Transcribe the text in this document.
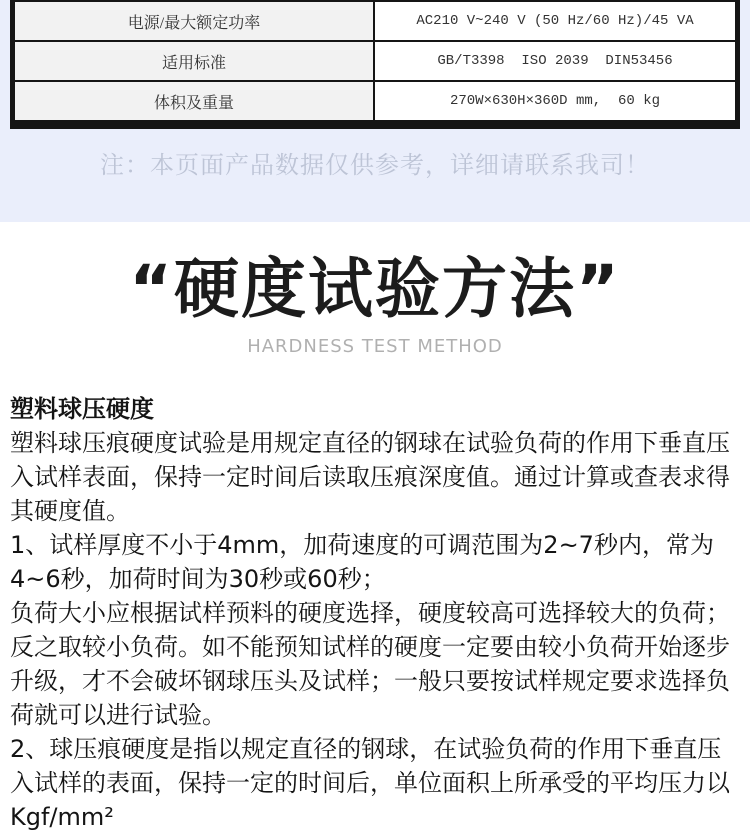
电源/最大额定功率	AC210 V~240 V (50 Hz/60 Hz)/45 VA
适用标准	GB/T3398  ISO 2039  DIN53456
体积及重量	270W×630H×360D mm,  60 kg
注：本页面产品数据仅供参考，详细请联系我司！
“硬度试验方法”
HARDNESS TEST METHOD

塑料球压硬度

塑料球压痕硬度试验是用规定直径的钢球在试验负荷的作用下垂直压入试样表面，保持一定时间后读取压痕深度值。通过计算或查表求得其硬度值。

1、试样厚度不小于4mm，加荷速度的可调范围为2~7秒内，常为4~6秒，加荷时间为30秒或60秒；

负荷大小应根据试样预料的硬度选择，硬度较高可选择较大的负荷；反之取较小负荷。如不能预知试样的硬度一定要由较小负荷开始逐步升级，才不会破坏钢球压头及试样；一般只要按试样规定要求选择负荷就可以进行试验。

2、球压痕硬度是指以规定直径的钢球，在试验负荷的作用下垂直压入试样的表面，保持一定的时间后，单位面积上所承受的平均压力以Kgf/mm²
